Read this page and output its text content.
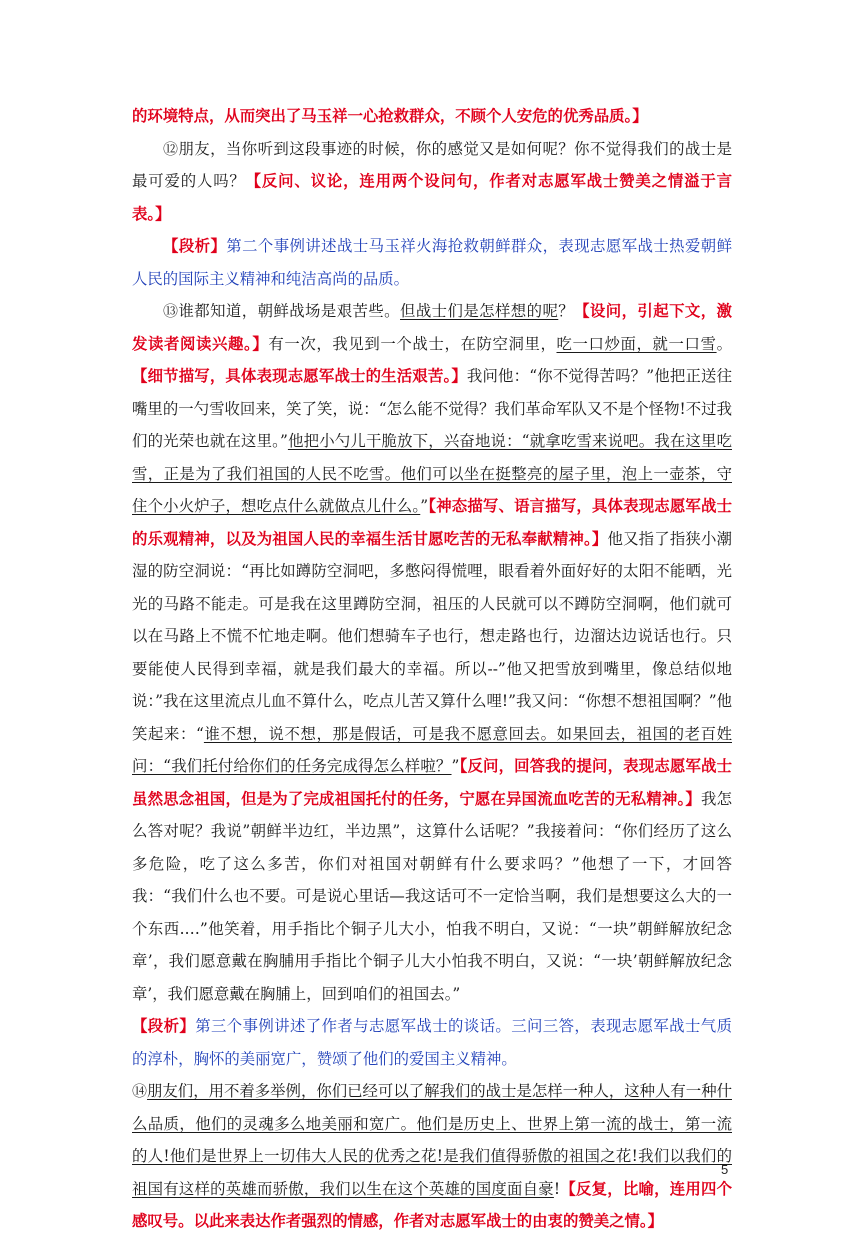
的环境特点，从而突出了马玉祥一心抢救群众，不顾个人安危的优秀品质。】

⑫朋友，当你听到这段事迹的时候，你的感觉又是如何呢？你不觉得我们的战士是最可爱的人吗？【反问、议论，连用两个设问句，作者对志愿军战士赞美之情溢于言表。】

【段析】第二个事例讲述战士马玉祥火海抢救朝鲜群众，表现志愿军战士热爱朝鲜人民的国际主义精神和纯洁高尚的品质。

⑬谁都知道，朝鲜战场是艰苦些。但战士们是怎样想的呢？【设问，引起下文，激发读者阅读兴趣。】有一次，我见到一个战士，在防空洞里，吃一口炒面，就一口雪。【细节描写，具体表现志愿军战士的生活艰苦。】我问他：“你不觉得苦吗？”他把正送往嘴里的一勺雪收回来，笑了笑，说：“怎么能不觉得？我们革命军队又不是个怪物!不过我们的光荣也就在这里。”他把小勺儿干脆放下，兴奋地说：“就拿吃雪来说吧。我在这里吃雪，正是为了我们祖国的人民不吃雪。他们可以坐在挺整亮的屋子里，泡上一壶茶，守住个小火炉子，想吃点什么就做点儿什么。”【神态描写、语言描写，具体表现志愿军战士的乐观精神，以及为祖国人民的幸福生活甘愿吃苦的无私奉献精神。】他又指了指狭小潮湿的防空洞说：“再比如蹲防空洞吧，多憋闷得慌哩，眼看着外面好好的太阳不能晒，光光的马路不能走。可是我在这里蹲防空洞，祖压的人民就可以不蹲防空洞啊，他们就可以在马路上不慌不忙地走啊。他们想骑车子也行，想走路也行，边溜达边说话也行。只要能使人民得到幸福，就是我们最大的幸福。所以--”他又把雪放到嘴里，像总结似地说：”我在这里流点儿血不算什么，吃点儿苦又算什么哩!”我又问：“你想不想祖国啊？”他笑起来：“谁不想，说不想，那是假话，可是我不愿意回去。如果回去，祖国的老百姓问：“我们托付给你们的任务完成得怎么样啦？”【反问，回答我的提问，表现志愿军战士虽然思念祖国，但是为了完成祖国托付的任务，宁愿在异国流血吃苦的无私精神。】我怎么答对呢？我说”朝鲜半边红，半边黑”，这算什么话呢？”我接着问：“你们经历了这么多危险，吃了这么多苦，你们对祖国对朝鲜有什么要求吗？”他想了一下，才回答我：“我们什么也不要。可是说心里话—我这话可不一定恰当啊，我们是想要这么大的一个东西.…”他笑着，用手指比个铜子儿大小，怕我不明白，又说：“一块”朝鲜解放纪念章’，我们愿意戴在胸脯用手指比个铜子儿大小怕我不明白，又说：“一块’朝鲜解放纪念章’，我们愿意戴在胸脯上，回到咱们的祖国去。”

【段析】第三个事例讲述了作者与志愿军战士的谈话。三问三答，表现志愿军战士气质的淳朴，胸怀的美丽宽广，赞颂了他们的爱国主义精神。

⑭朋友们，用不着多举例，你们已经可以了解我们的战士是怎样一种人，这种人有一种什么品质，他们的灵魂多么地美丽和宽广。他们是历史上、世界上第一流的战士，第一流的人!他们是世界上一切伟大人民的优秀之花!是我们值得骄傲的祖国之花!我们以我们的祖国有这样的英雄而骄傲，我们以生在这个英雄的国度面自豪!【反复，比喻，连用四个感叹号。以此来表达作者强烈的情感，作者对志愿军战士的由衷的赞美之情。】

5
